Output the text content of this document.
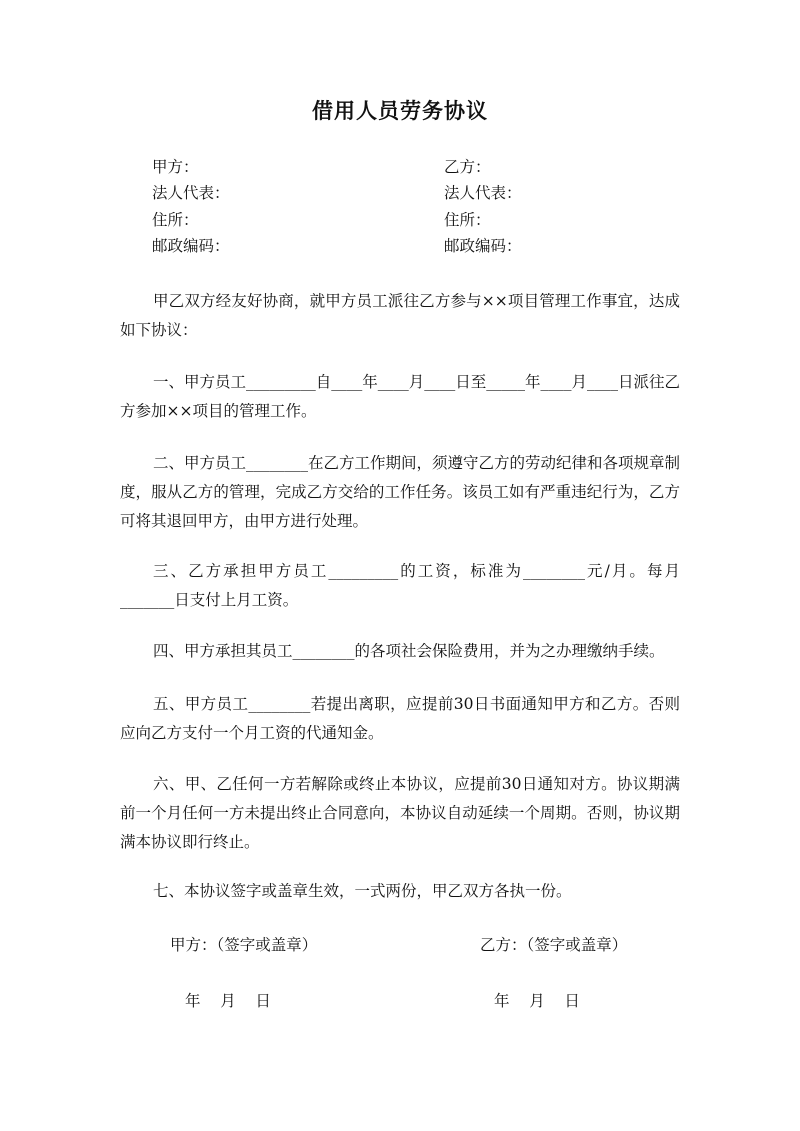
借用人员劳务协议
甲方：
法人代表：
住所：
邮政编码：
乙方：
法人代表：
住所：
邮政编码：
甲乙双方经友好协商，就甲方员工派往乙方参与××项目管理工作事宜，达成如下协议：
一、甲方员工_________自____年____月____日至_____年____月____日派往乙方参加××项目的管理工作。
二、甲方员工________在乙方工作期间，须遵守乙方的劳动纪律和各项规章制度，服从乙方的管理，完成乙方交给的工作任务。该员工如有严重违纪行为，乙方可将其退回甲方，由甲方进行处理。
三、乙方承担甲方员工_________的工资，标准为________元/月。每月_______日支付上月工资。
四、甲方承担其员工________的各项社会保险费用，并为之办理缴纳手续。
五、甲方员工________若提出离职，应提前30日书面通知甲方和乙方。否则应向乙方支付一个月工资的代通知金。
六、甲、乙任何一方若解除或终止本协议，应提前30日通知对方。协议期满前一个月任何一方未提出终止合同意向，本协议自动延续一个周期。否则，协议期满本协议即行终止。
七、本协议签字或盖章生效，一式两份，甲乙双方各执一份。
甲方：（签字或盖章）	乙方：（签字或盖章）
年    月    日	年    月    日
